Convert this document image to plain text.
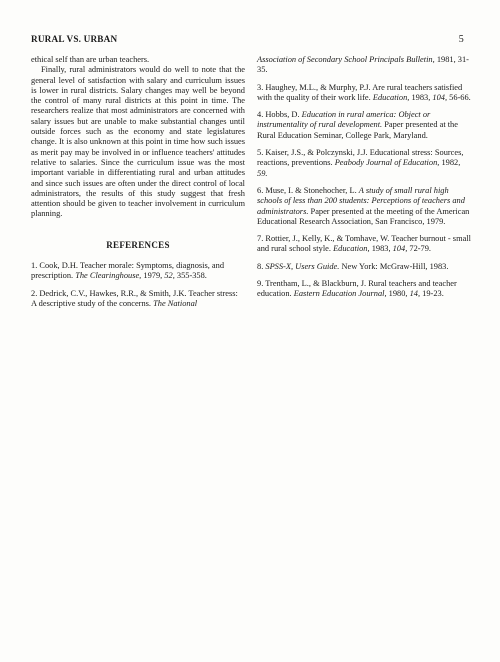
RURAL VS. URBAN	5

ethical self than are urban teachers.

Finally, rural administrators would do well to note that the general level of satisfaction with salary and curriculum issues is lower in rural districts. Salary changes may well be beyond the control of many rural districts at this point in time. The researchers realize that most administrators are concerned with salary issues but are unable to make substantial changes until outside forces such as the economy and state legislatures change. It is also unknown at this point in time how such issues as merit pay may be involved in or influence teachers' attitudes relative to salaries. Since the curriculum issue was the most important variable in differentiating rural and urban attitudes and since such issues are often under the direct control of local administrators, the results of this study suggest that fresh attention should be given to teacher involvement in curriculum planning.

REFERENCES

1. Cook, D.H. Teacher morale: Symptoms, diagnosis, and prescription. The Clearinghouse, 1979, 52, 355-358.

2. Dedrick, C.V., Hawkes, R.R., & Smith, J.K. Teacher stress: A descriptive study of the concerns. The National

Association of Secondary School Principals Bulletin, 1981, 31-35.

3. Haughey, M.L., & Murphy, P.J. Are rural teachers satisfied with the quality of their work life. Education, 1983, 104, 56-66.

4. Hobbs, D. Education in rural america: Object or instrumentality of rural development. Paper presented at the Rural Education Seminar, College Park, Maryland.

5. Kaiser, J.S., & Polczynski, J.J. Educational stress: Sources, reactions, preventions. Peabody Journal of Education, 1982, 59.

6. Muse, I. & Stonehocher, L. A study of small rural high schools of less than 200 students: Perceptions of teachers and administrators. Paper presented at the meeting of the American Educational Research Association, San Francisco, 1979.

7. Rottier, J., Kelly, K., & Tomhave, W. Teacher burnout - small and rural school style. Education, 1983, 104, 72-79.

8. SPSS-X, Users Guide. New York: McGraw-Hill, 1983.

9. Trentham, L., & Blackburn, J. Rural teachers and teacher education. Eastern Education Journal, 1980, 14, 19-23.
